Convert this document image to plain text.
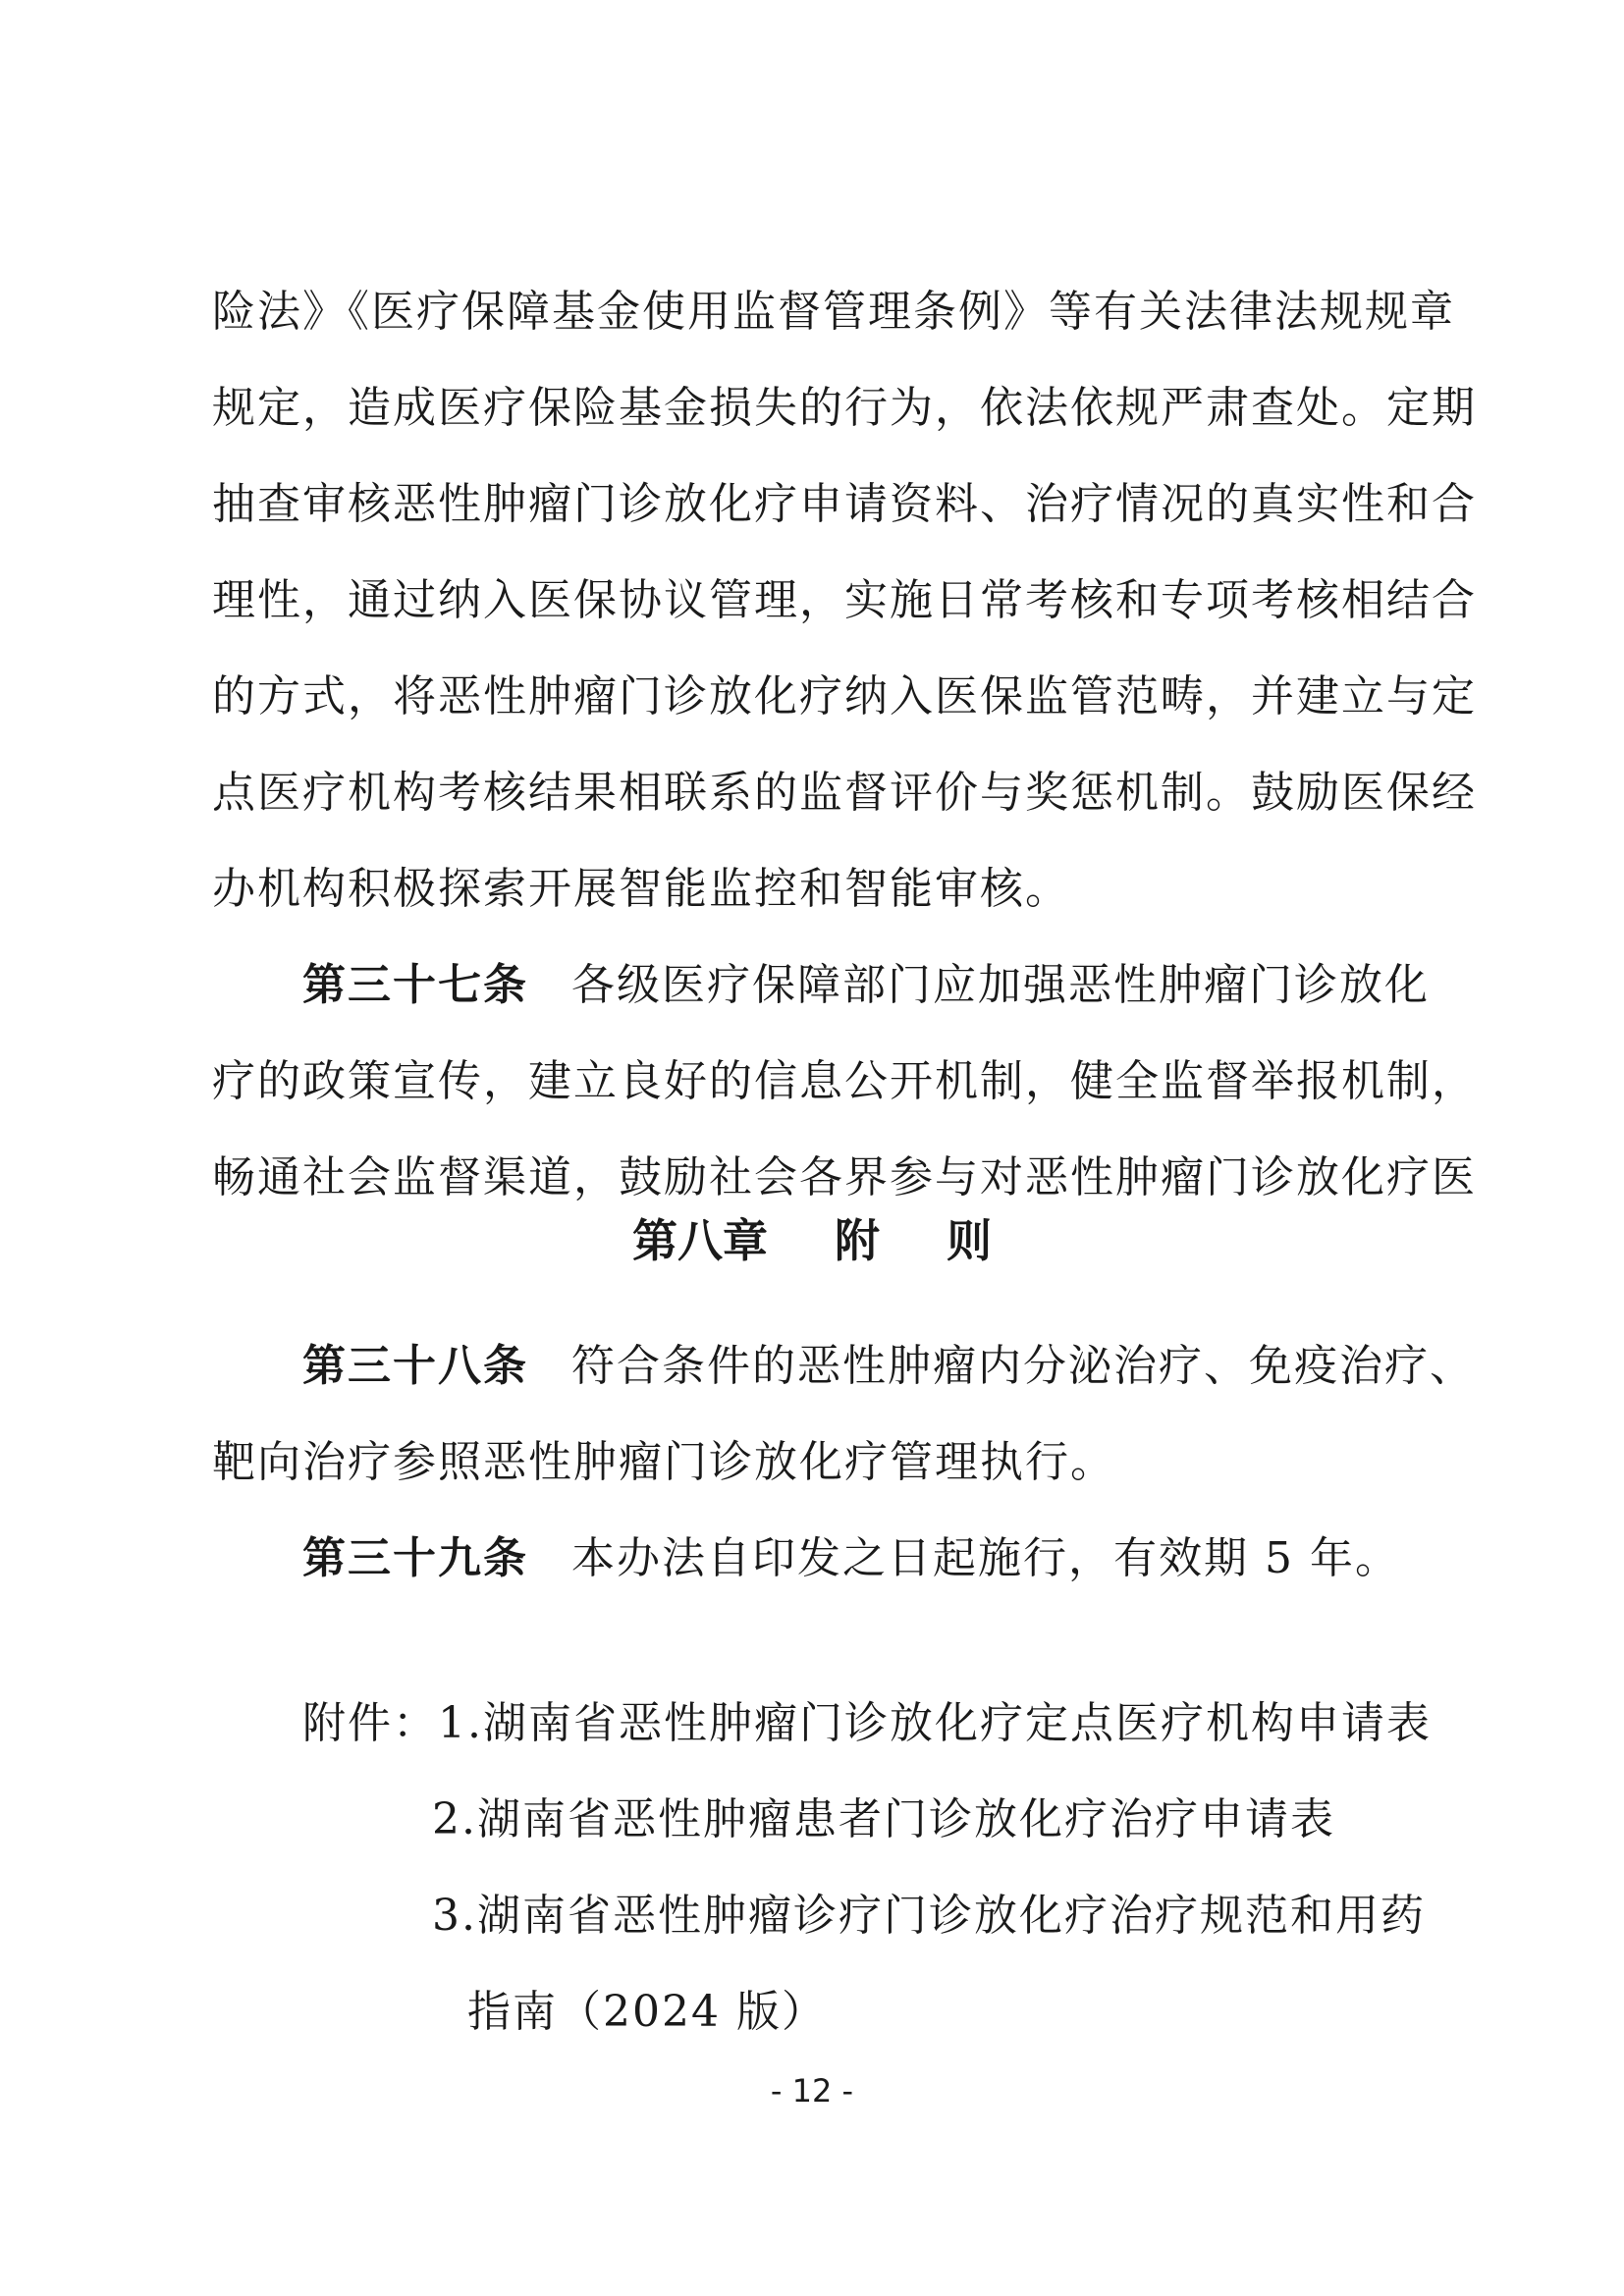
险法》《医疗保障基金使用监督管理条例》等有关法律法规规章
规定，造成医疗保险基金损失的行为，依法依规严肃查处。定期
抽查审核恶性肿瘤门诊放化疗申请资料、治疗情况的真实性和合
理性，通过纳入医保协议管理，实施日常考核和专项考核相结合
的方式，将恶性肿瘤门诊放化疗纳入医保监管范畴，并建立与定
点医疗机构考核结果相联系的监督评价与奖惩机制。鼓励医保经
办机构积极探索开展智能监控和智能审核。
第三十七条 各级医疗保障部门应加强恶性肿瘤门诊放化
疗的政策宣传，建立良好的信息公开机制，健全监督举报机制，
畅通社会监督渠道，鼓励社会各界参与对恶性肿瘤门诊放化疗医
第八章 附 则
第三十八条 符合条件的恶性肿瘤内分泌治疗、免疫治疗、
靶向治疗参照恶性肿瘤门诊放化疗管理执行。
第三十九条 本办法自印发之日起施行，有效期 5 年。
附件：1.湖南省恶性肿瘤门诊放化疗定点医疗机构申请表
2.湖南省恶性肿瘤患者门诊放化疗治疗申请表
3.湖南省恶性肿瘤诊疗门诊放化疗治疗规范和用药
指南（2024 版）
- 12 -
